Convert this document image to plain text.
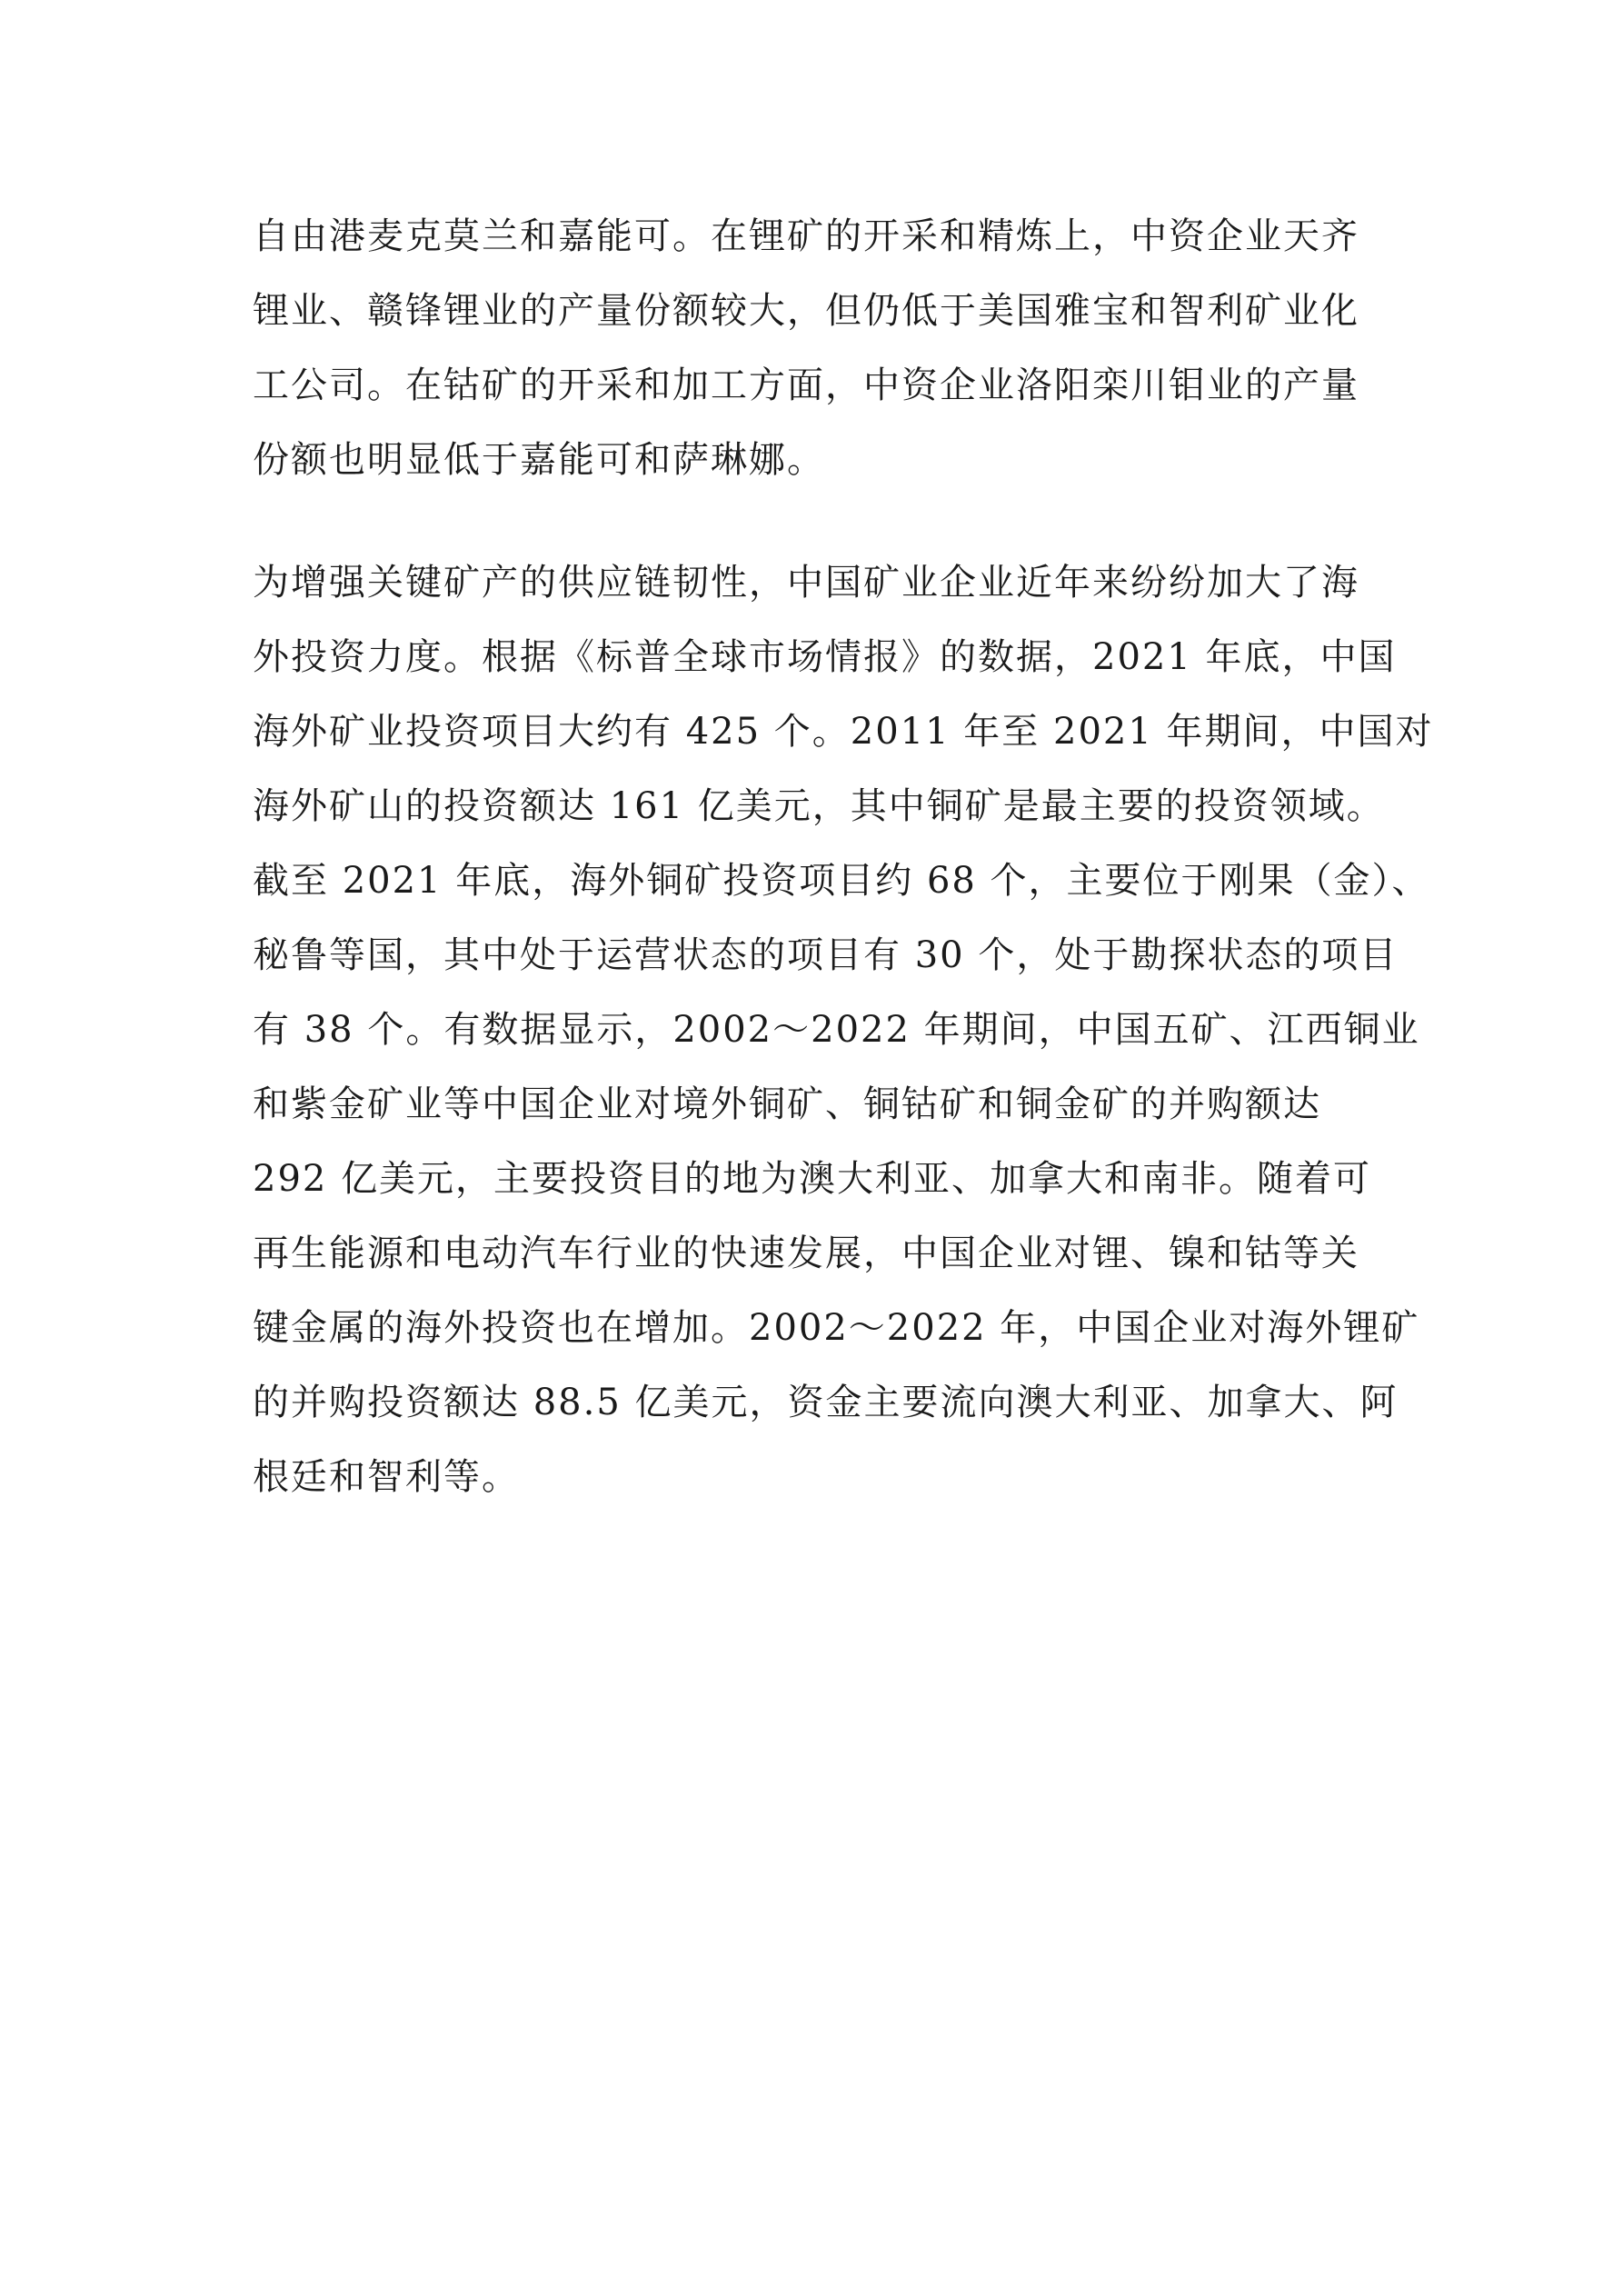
自由港麦克莫兰和嘉能可。在锂矿的开采和精炼上，中资企业天齐
锂业、赣锋锂业的产量份额较大，但仍低于美国雅宝和智利矿业化
工公司。在钴矿的开采和加工方面，中资企业洛阳栾川钼业的产量
份额也明显低于嘉能可和萨琳娜。
为增强关键矿产的供应链韧性，中国矿业企业近年来纷纷加大了海
外投资力度。根据《标普全球市场情报》的数据，2021 年底，中国
海外矿业投资项目大约有 425 个。2011 年至 2021 年期间，中国对
海外矿山的投资额达 161 亿美元，其中铜矿是最主要的投资领域。
截至 2021 年底，海外铜矿投资项目约 68 个，主要位于刚果（金）、
秘鲁等国，其中处于运营状态的项目有 30 个，处于勘探状态的项目
有 38 个。有数据显示，2002～2022 年期间，中国五矿、江西铜业
和紫金矿业等中国企业对境外铜矿、铜钴矿和铜金矿的并购额达
292 亿美元，主要投资目的地为澳大利亚、加拿大和南非。随着可
再生能源和电动汽车行业的快速发展，中国企业对锂、镍和钴等关
键金属的海外投资也在增加。2002～2022 年，中国企业对海外锂矿
的并购投资额达 88.5 亿美元，资金主要流向澳大利亚、加拿大、阿
根廷和智利等。
